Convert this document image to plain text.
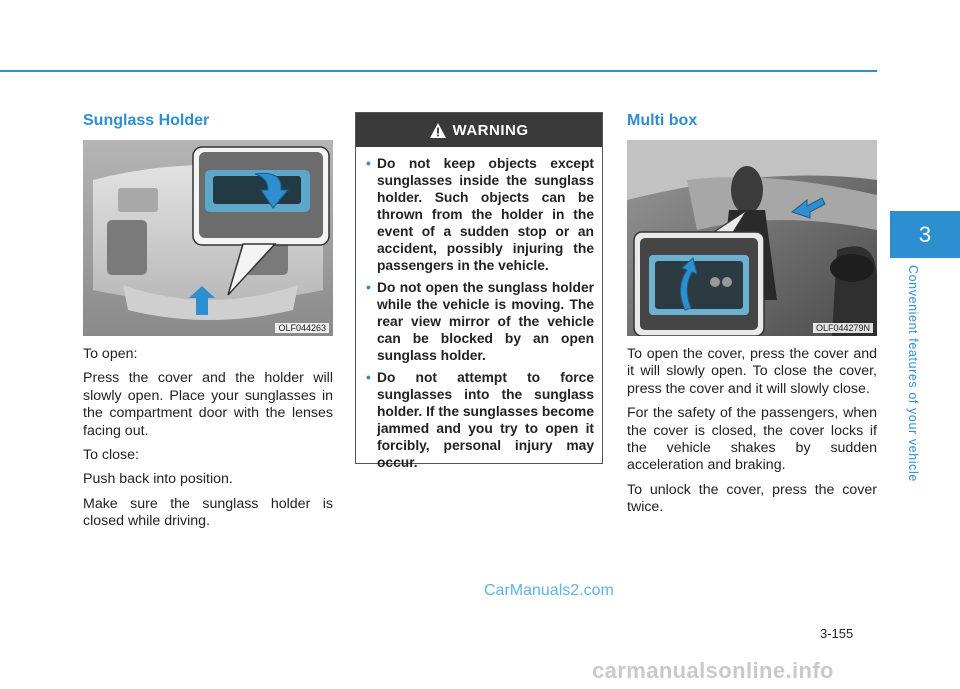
3
Convenient features of your vehicle
Sunglass Holder
OLF044263

To open:

Press the cover and the holder will slowly open. Place your sunglasses in the compartment door with the lenses facing out.

To close:

Push back into position.

Make sure the sunglass holder is closed while driving.

WARNING
• Do not keep objects except sunglasses inside the sunglass holder. Such objects can be thrown from the holder in the event of a sudden stop or an accident, possibly injuring the passengers in the vehicle.
• Do not open the sunglass holder while the vehicle is moving. The rear view mirror of the vehicle can be blocked by an open sunglass holder.
• Do not attempt to force sunglasses into the sunglass holder. If the sunglasses become jammed and you try to open it forcibly, personal injury may occur.
Multi box
OLF044279N

To open the cover, press the cover and it will slowly open. To close the cover, press the cover and it will slowly close.

For the safety of the passengers, when the cover is closed, the cover locks if the vehicle shakes by sudden acceleration and braking.

To unlock the cover, press the cover twice.

CarManuals2.com
3-155
carmanualsonline.info
